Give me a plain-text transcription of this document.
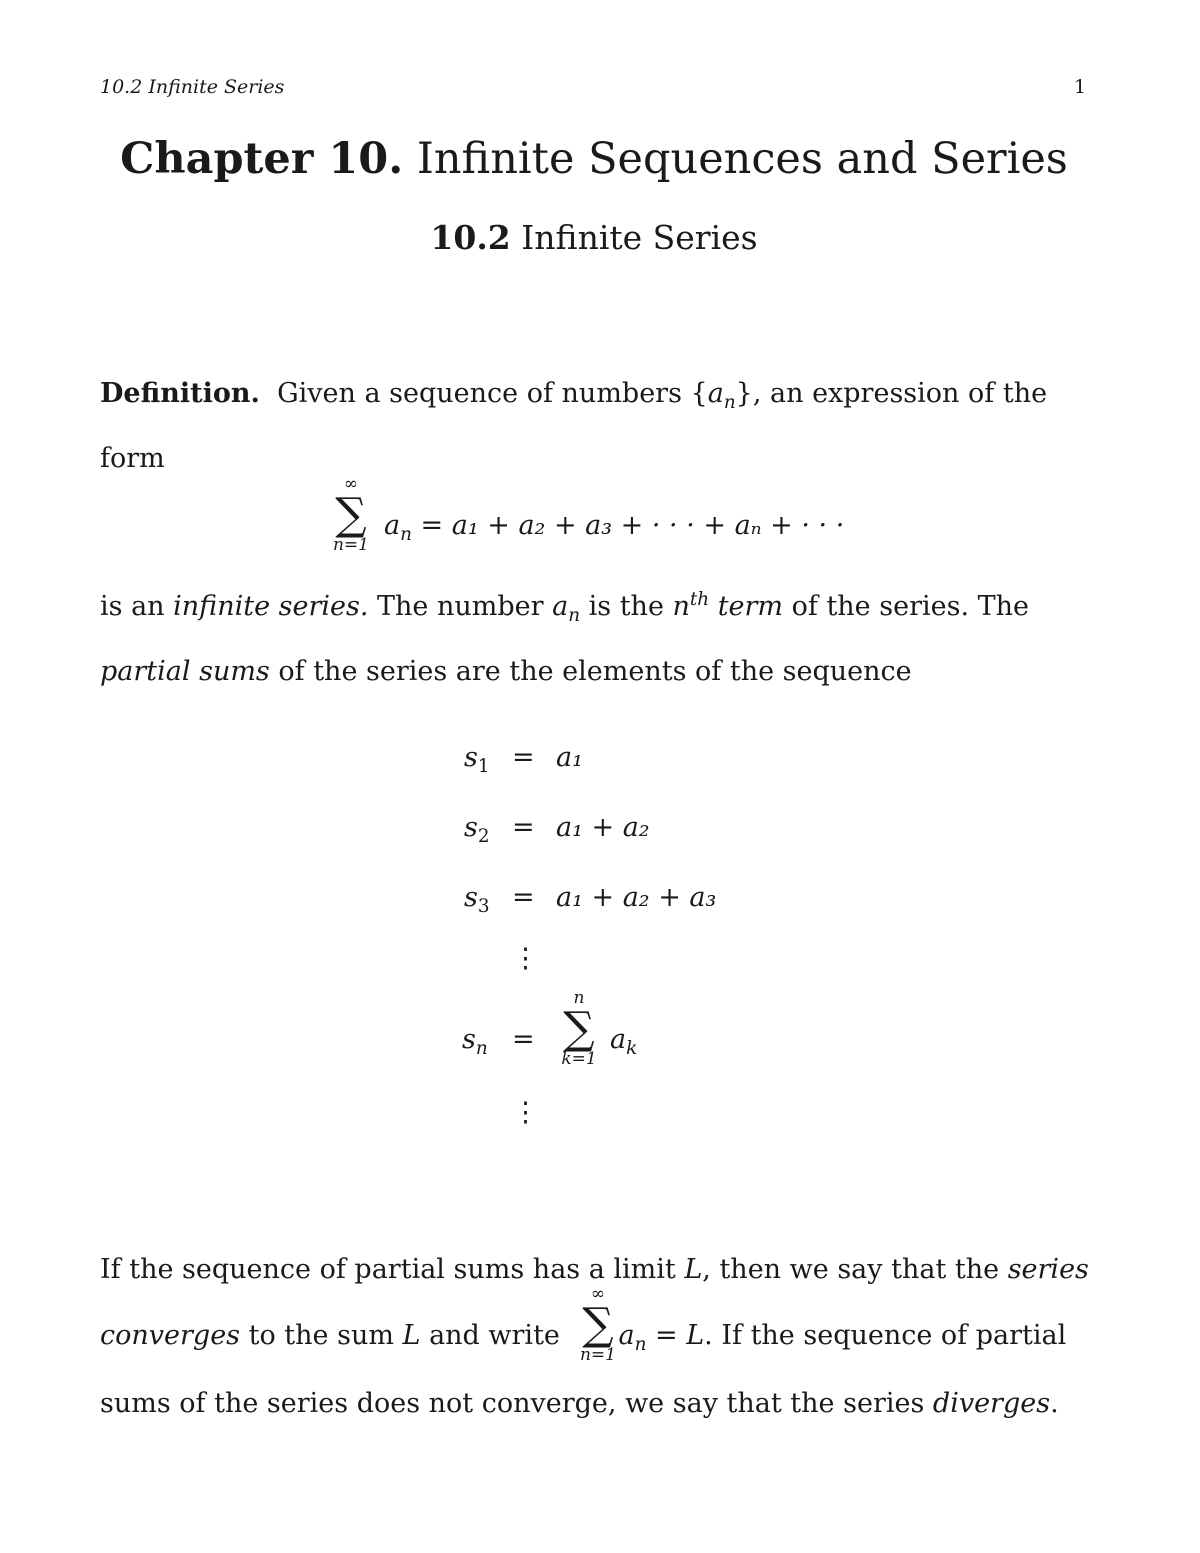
10.2 Infinite Series	1
Chapter 10. Infinite Sequences and Series
10.2 Infinite Series
Definition. Given a sequence of numbers $\{a_n\}$, an expression of the
form
∞
∑
n=1
$a_n = a_1 + a_2 + a_3$ + · · · + aₙ + · · ·
is an infinite series. The number $a_n$ is the $n^{th}$ term of the series. The
partial sums of the series are the elements of the sequence
$s_1 = a_1$
$s_2 = a_1 + a_2$
$s_3 = a_1 + a_2 + a_3$
⋮
$s_n$ =
n
∑
k=1
$a_k$
⋮
If the sequence of partial sums has a limit L, then we say that the series
converges to the sum L and write $a_n = L$. If the sequence of partial
∞
∑
n=1
sums of the series does not converge, we say that the series diverges.
